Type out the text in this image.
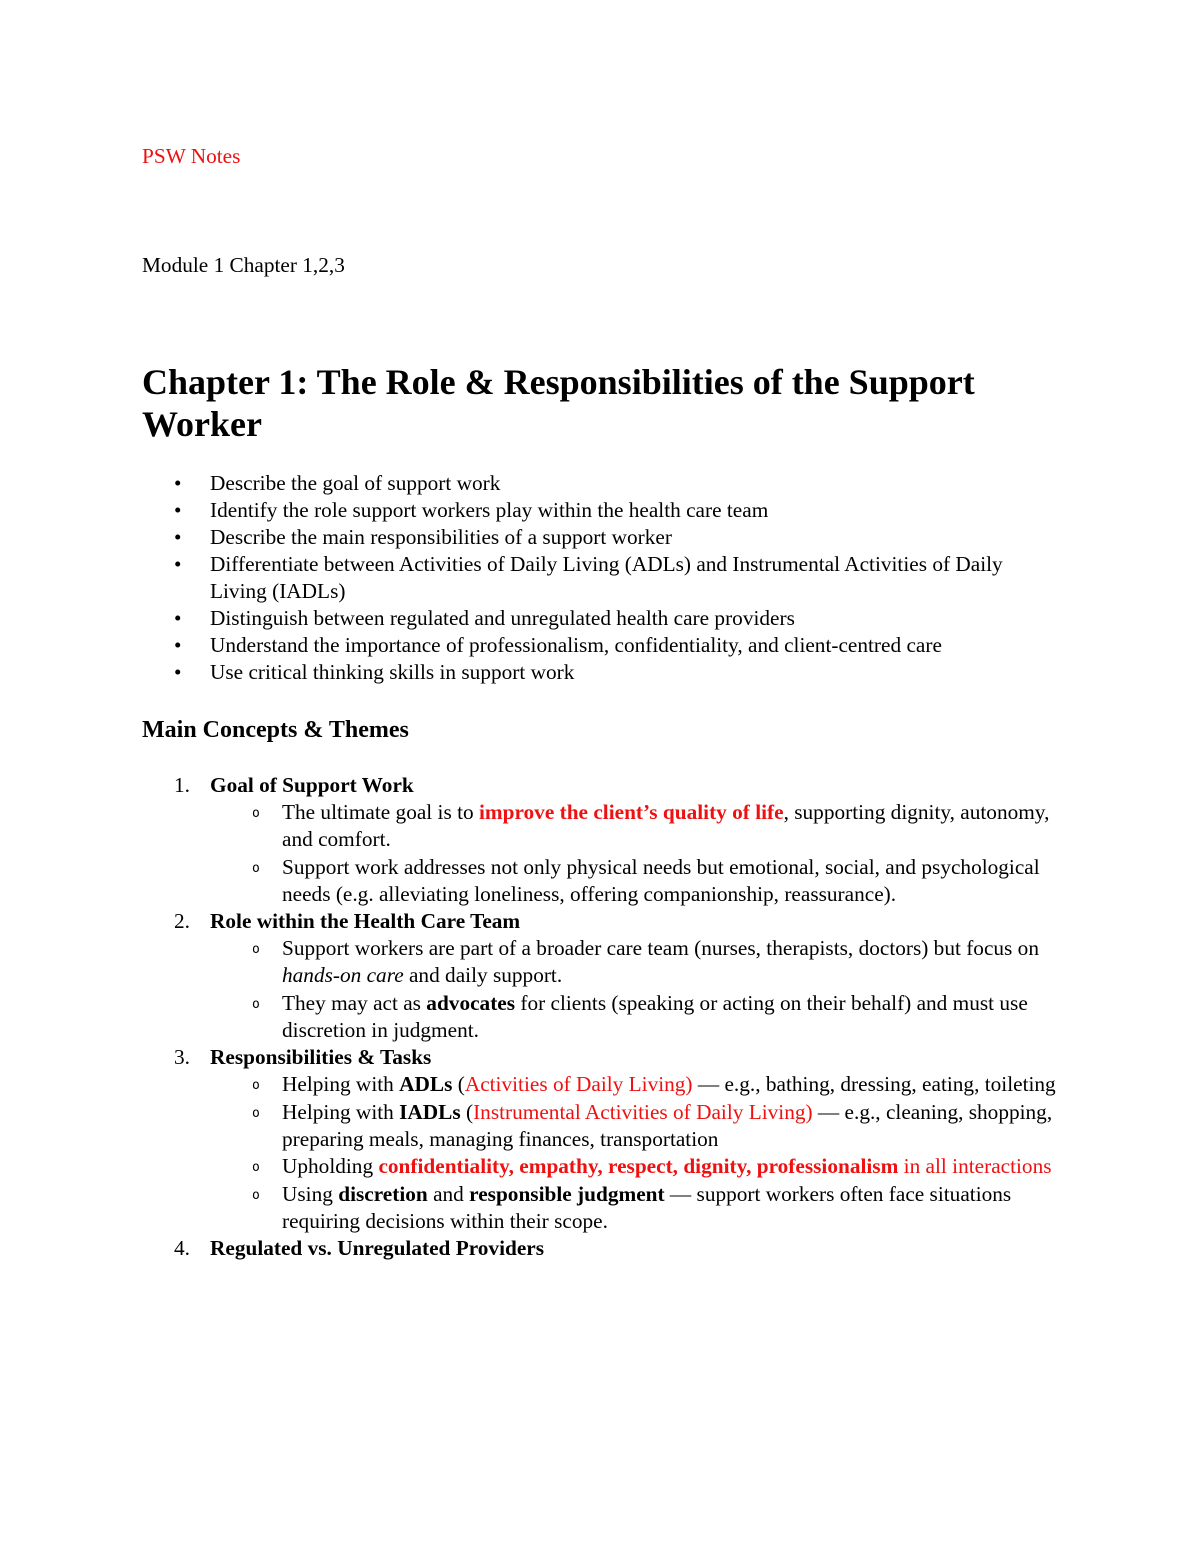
PSW Notes
Module 1 Chapter 1,2,3
Chapter 1: The Role & Responsibilities of the Support Worker
• Describe the goal of support work
• Identify the role support workers play within the health care team
• Describe the main responsibilities of a support worker
• Differentiate between Activities of Daily Living (ADLs) and Instrumental Activities of Daily Living (IADLs)
• Distinguish between regulated and unregulated health care providers
• Understand the importance of professionalism, confidentiality, and client-centred care
• Use critical thinking skills in support work
Main Concepts & Themes
1. Goal of Support Work
o The ultimate goal is to improve the client’s quality of life, supporting dignity, autonomy, and comfort.
o Support work addresses not only physical needs but emotional, social, and psychological needs (e.g. alleviating loneliness, offering companionship, reassurance).
2. Role within the Health Care Team
o Support workers are part of a broader care team (nurses, therapists, doctors) but focus on hands-on care and daily support.
o They may act as advocates for clients (speaking or acting on their behalf) and must use discretion in judgment.
3. Responsibilities & Tasks
o Helping with ADLs (Activities of Daily Living) — e.g., bathing, dressing, eating, toileting
o Helping with IADLs (Instrumental Activities of Daily Living) — e.g., cleaning, shopping, preparing meals, managing finances, transportation
o Upholding confidentiality, empathy, respect, dignity, professionalism in all interactions
o Using discretion and responsible judgment — support workers often face situations requiring decisions within their scope.
4. Regulated vs. Unregulated Providers
